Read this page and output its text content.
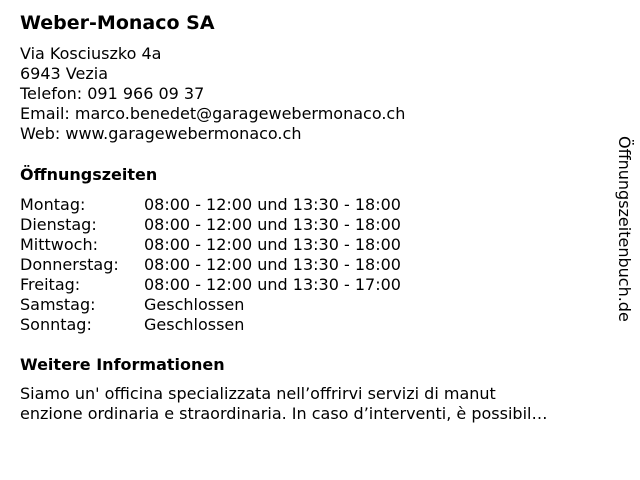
Weber-Monaco SA
Via Kosciuszko 4a
6943 Vezia
Telefon: 091 966 09 37
Email: marco.benedet@garagewebermonaco.ch
Web: www.garagewebermonaco.ch
Öffnungszeiten
Montag:	08:00 - 12:00 und 13:30 - 18:00
Dienstag:	08:00 - 12:00 und 13:30 - 18:00
Mittwoch:	08:00 - 12:00 und 13:30 - 18:00
Donnerstag: 08:00 - 12:00 und 13:30 - 18:00
Freitag:	08:00 - 12:00 und 13:30 - 17:00
Samstag:	Geschlossen
Sonntag:	Geschlossen
Weitere Informationen
Siamo un' officina specializzata nell’offrirvi servizi di manut
enzione ordinaria e straordinaria. In caso d’interventi, è possibil…
Öffnungszeitenbuch.de
